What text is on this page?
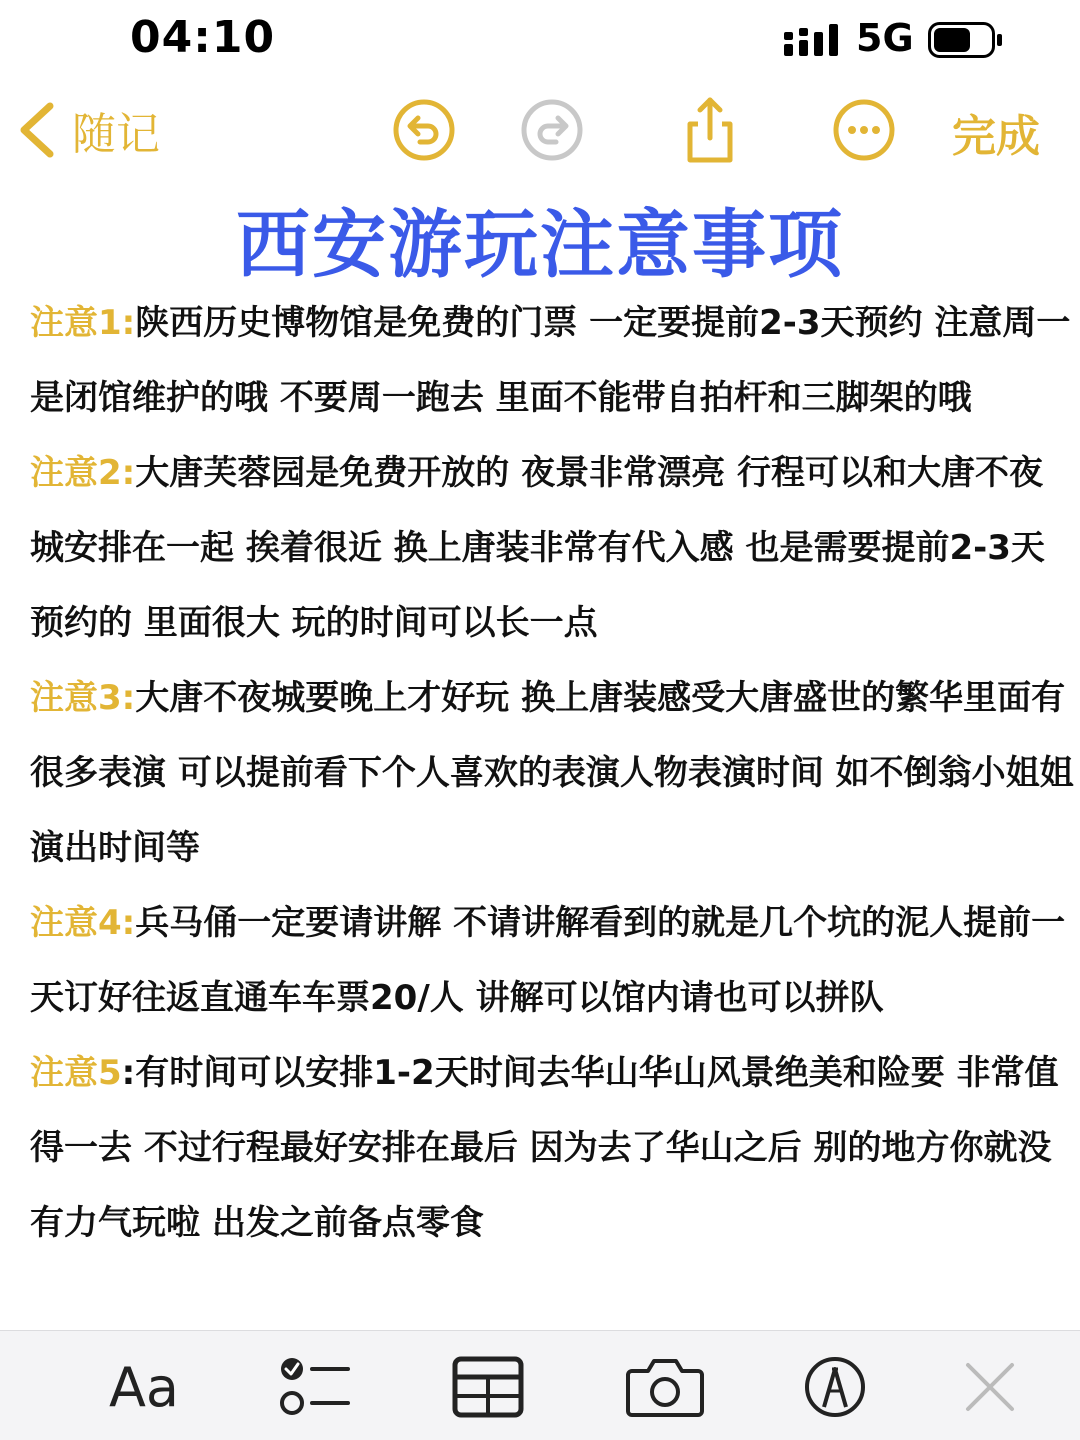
04:10	5G
随记	完成
西安游玩注意事项

注意1:陕西历史博物馆是免费的门票 一定要提前2-3天预约 注意周一是闭馆维护的哦 不要周一跑去 里面不能带自拍杆和三脚架的哦

注意2:大唐芙蓉园是免费开放的 夜景非常漂亮 行程可以和大唐不夜城安排在一起 挨着很近 换上唐装非常有代入感 也是需要提前2-3天预约的 里面很大 玩的时间可以长一点

注意3:大唐不夜城要晚上才好玩 换上唐装感受大唐盛世的繁华里面有很多表演 可以提前看下个人喜欢的表演人物表演时间 如不倒翁小姐姐演出时间等

注意4:兵马俑一定要请讲解 不请讲解看到的就是几个坑的泥人提前一天订好往返直通车车票20/人 讲解可以馆内请也可以拼队

注意5:有时间可以安排1-2天时间去华山华山风景绝美和险要 非常值得一去 不过行程最好安排在最后 因为去了华山之后 别的地方你就没有力气玩啦 出发之前备点零食

Aa
